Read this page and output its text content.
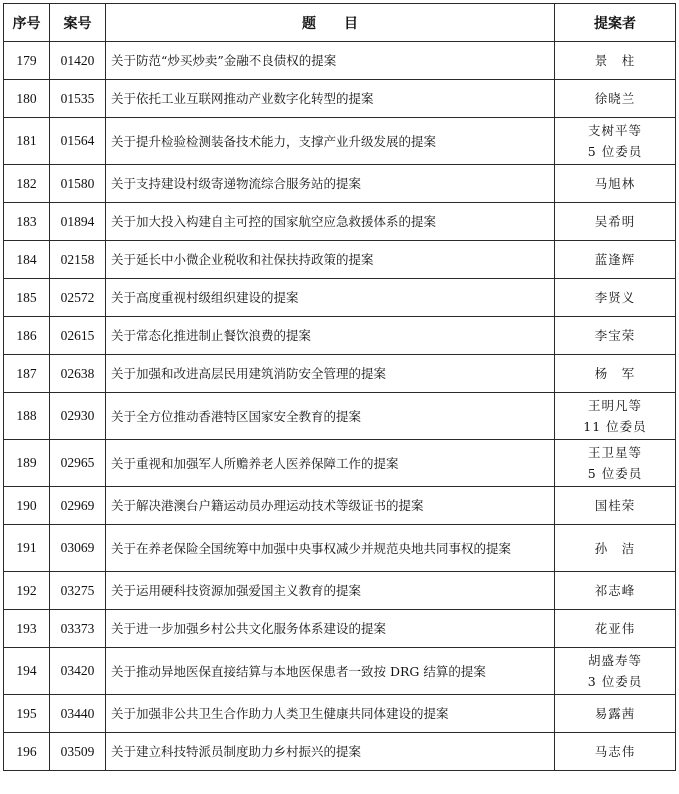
序号	案号	题　　目	提案者
179	01420	关于防范“炒买炒卖”金融不良债权的提案	景　柱

180	01535	关于依托工业互联网推动产业数字化转型的提案	徐晓兰

181	01564	关于提升检验检测装备技术能力，支撑产业升级发展的提案	支树平等
5 位委员

182	01580	关于支持建设村级寄递物流综合服务站的提案	马旭林

183	01894	关于加大投入构建自主可控的国家航空应急救援体系的提案	吴希明

184	02158	关于延长中小微企业税收和社保扶持政策的提案	蓝逢辉

185	02572	关于高度重视村级组织建设的提案	李贤义

186	02615	关于常态化推进制止餐饮浪费的提案	李宝荣

187	02638	关于加强和改进高层民用建筑消防安全管理的提案	杨　军

188	02930	关于全方位推动香港特区国家安全教育的提案	王明凡等
11 位委员

189	02965	关于重视和加强军人所赡养老人医养保障工作的提案	王卫星等
5 位委员

190	02969	关于解决港澳台户籍运动员办理运动技术等级证书的提案	国桂荣

191	03069	关于在养老保险全国统筹中加强中央事权减少并规范央地共同事权的提案	孙　洁

192	03275	关于运用硬科技资源加强爱国主义教育的提案	祁志峰

193	03373	关于进一步加强乡村公共文化服务体系建设的提案	花亚伟

194	03420	关于推动异地医保直接结算与本地医保患者一致按 DRG 结算的提案	胡盛寿等
3 位委员

195	03440	关于加强非公共卫生合作助力人类卫生健康共同体建设的提案	易露茜

196	03509	关于建立科技特派员制度助力乡村振兴的提案	马志伟
